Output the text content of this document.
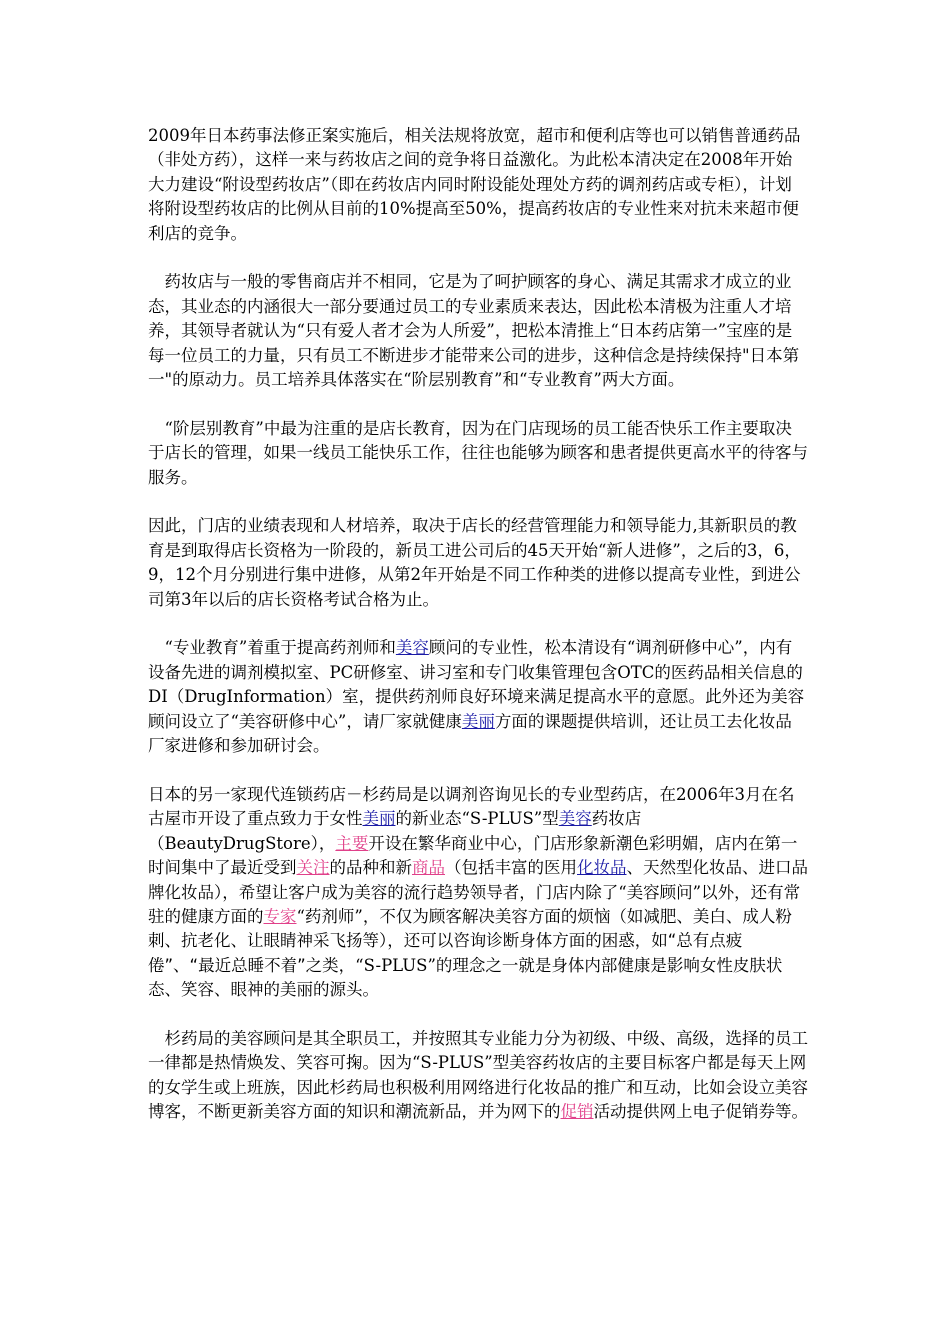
2009年日本药事法修正案实施后，相关法规将放宽，超市和便利店等也可以销售普通药品（非处方药），这样一来与药妆店之间的竞争将日益激化。为此松本清决定在2008年开始大力建设“附设型药妆店”（即在药妆店内同时附设能处理处方药的调剂药店或专柜），计划将附设型药妆店的比例从目前的10%提高至50%，提高药妆店的专业性来对抗未来超市便利店的竞争。

　药妆店与一般的零售商店并不相同，它是为了呵护顾客的身心、满足其需求才成立的业态，其业态的内涵很大一部分要通过员工的专业素质来表达，因此松本清极为注重人才培养，其领导者就认为“只有爱人者才会为人所爱”，把松本清推上“日本药店第一”宝座的是每一位员工的力量，只有员工不断进步才能带来公司的进步，这种信念是持续保持"日本第一"的原动力。员工培养具体落实在“阶层别教育”和“专业教育”两大方面。

　“阶层别教育”中最为注重的是店长教育，因为在门店现场的员工能否快乐工作主要取决于店长的管理，如果一线员工能快乐工作，往往也能够为顾客和患者提供更高水平的待客与服务。

因此，门店的业绩表现和人材培养，取决于店长的经营管理能力和领导能力,其新职员的教育是到取得店长资格为一阶段的，新员工进公司后的45天开始“新人进修”，之后的3，6，9，12个月分别进行集中进修，从第2年开始是不同工作种类的进修以提高专业性，到进公司第3年以后的店长资格考试合格为止。

　“专业教育”着重于提高药剂师和美容顾问的专业性，松本清设有“调剂研修中心”，内有设备先进的调剂模拟室、PC研修室、讲习室和专门收集管理包含OTC的医药品相关信息的DI（DrugInformation）室，提供药剂师良好环境来满足提高水平的意愿。此外还为美容顾问设立了“美容研修中心”，请厂家就健康美丽方面的课题提供培训，还让员工去化妆品厂家进修和参加研讨会。

日本的另一家现代连锁药店－杉药局是以调剂咨询见长的专业型药店，在2006年3月在名古屋市开设了重点致力于女性美丽的新业态“S-PLUS”型美容药妆店（BeautyDrugStore），主要开设在繁华商业中心，门店形象新潮色彩明媚，店内在第一时间集中了最近受到关注的品种和新商品（包括丰富的医用化妆品、天然型化妆品、进口品牌化妆品），希望让客户成为美容的流行趋势领导者，门店内除了“美容顾问”以外，还有常驻的健康方面的专家“药剂师”，不仅为顾客解决美容方面的烦恼（如减肥、美白、成人粉刺、抗老化、让眼睛神采飞扬等），还可以咨询诊断身体方面的困惑，如“总有点疲倦”、“最近总睡不着”之类，“S-PLUS”的理念之一就是身体内部健康是影响女性皮肤状态、笑容、眼神的美丽的源头。

　杉药局的美容顾问是其全职员工，并按照其专业能力分为初级、中级、高级，选择的员工一律都是热情焕发、笑容可掬。因为“S-PLUS”型美容药妆店的主要目标客户都是每天上网的女学生或上班族，因此杉药局也积极利用网络进行化妆品的推广和互动，比如会设立美容博客，不断更新美容方面的知识和潮流新品，并为网下的促销活动提供网上电子促销券等。
